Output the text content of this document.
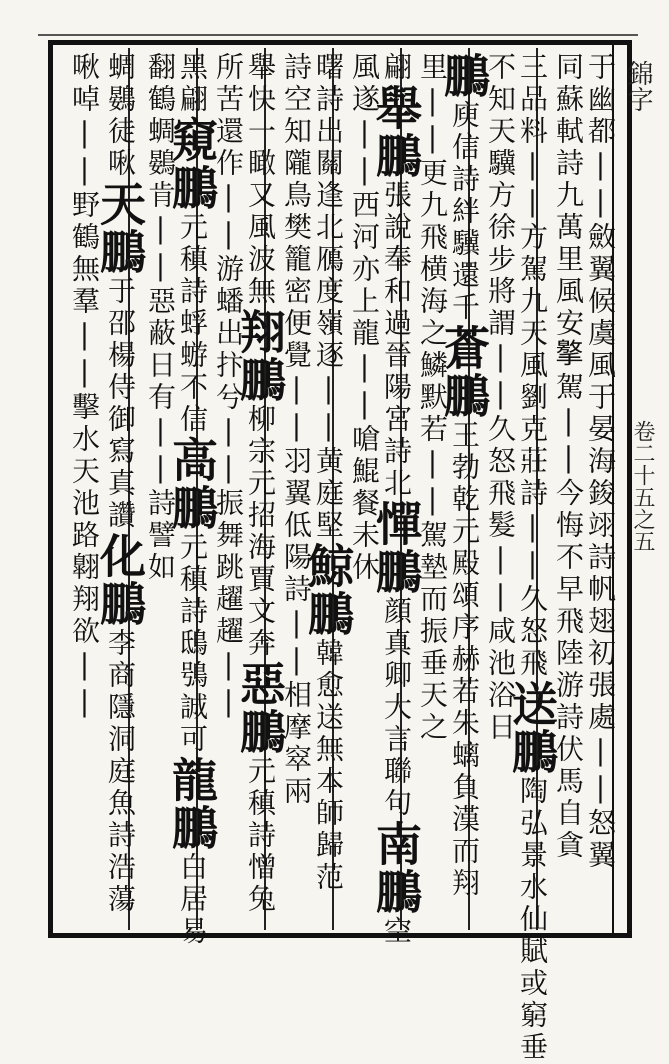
錦字
卷二十五之五
于幽都||斂翼候虞風于晏海鋑翊詩帆翅初張處||怒翼
同蘇軾詩九萬里風安𢶡駕||今悔不早飛陸游詩伏馬自貪
三品料||方駕九天風劉克莊詩||久怒飛送鵬陶弘景水仙賦或窮垂
不知天驥方徐步將謂||久怒飛髮||咸池浴日
鵬庾信詩絆驥還千蒼鵬王勃乾元殿頌序赫若朱螭負漢而翔
里||更九飛横海之鱗默若||駕墊而振垂天之
翩舉鵬張說奉和過晉陽宮詩北憚鵬顔真卿大言聯句南鵬空
風遂||西河亦上龍||嗆鯤餐未休
曙詩出關逢北鴈度嶺逐||黄庭堅鯨鵬韓愈送無本師歸范
詩空知隴鳥樊籠密便覺||羽翼低陽詩||相摩窣兩
舉快一瞰又風波無翔鵬柳宗元招海賈文奔惡鵬元稹詩憎兔
所苦還作||游蟠出抃兮||振舞跳趯趯||
黑翩窺鵬元稹詩蜉蝣不信高鵬元稹詩鴟鴞誠可龍鵬白居易
翻鶴蜩鷃肯||惡蔽日有||詩譬如
蜩鷃徒啾天鵬于邵楊侍御寫真讚化鵬李商隱洞庭魚詩浩蕩
啾啅||野鶴無羣||擊水天池路翺翔欲||
